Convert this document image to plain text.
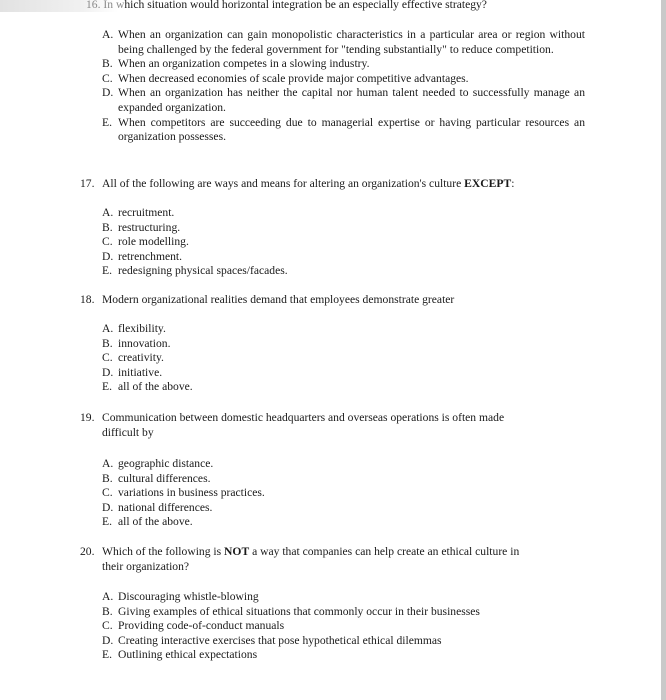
16. In which situation would horizontal integration be an especially effective strategy?
A. When an organization can gain monopolistic characteristics in a particular area or region without being challenged by the federal government for "tending substantially" to reduce competition.
B. When an organization competes in a slowing industry.
C. When decreased economies of scale provide major competitive advantages.
D. When an organization has neither the capital nor human talent needed to successfully manage an expanded organization.
E. When competitors are succeeding due to managerial expertise or having particular resources an organization possesses.
17. All of the following are ways and means for altering an organization's culture EXCEPT:
A. recruitment.
B. restructuring.
C. role modelling.
D. retrenchment.
E. redesigning physical spaces/facades.
18. Modern organizational realities demand that employees demonstrate greater
A. flexibility.
B. innovation.
C. creativity.
D. initiative.
E. all of the above.
19. Communication between domestic headquarters and overseas operations is often made
difficult by
A. geographic distance.
B. cultural differences.
C. variations in business practices.
D. national differences.
E. all of the above.
20. Which of the following is NOT a way that companies can help create an ethical culture in
their organization?
A. Discouraging whistle-blowing
B. Giving examples of ethical situations that commonly occur in their businesses
C. Providing code-of-conduct manuals
D. Creating interactive exercises that pose hypothetical ethical dilemmas
E. Outlining ethical expectations
